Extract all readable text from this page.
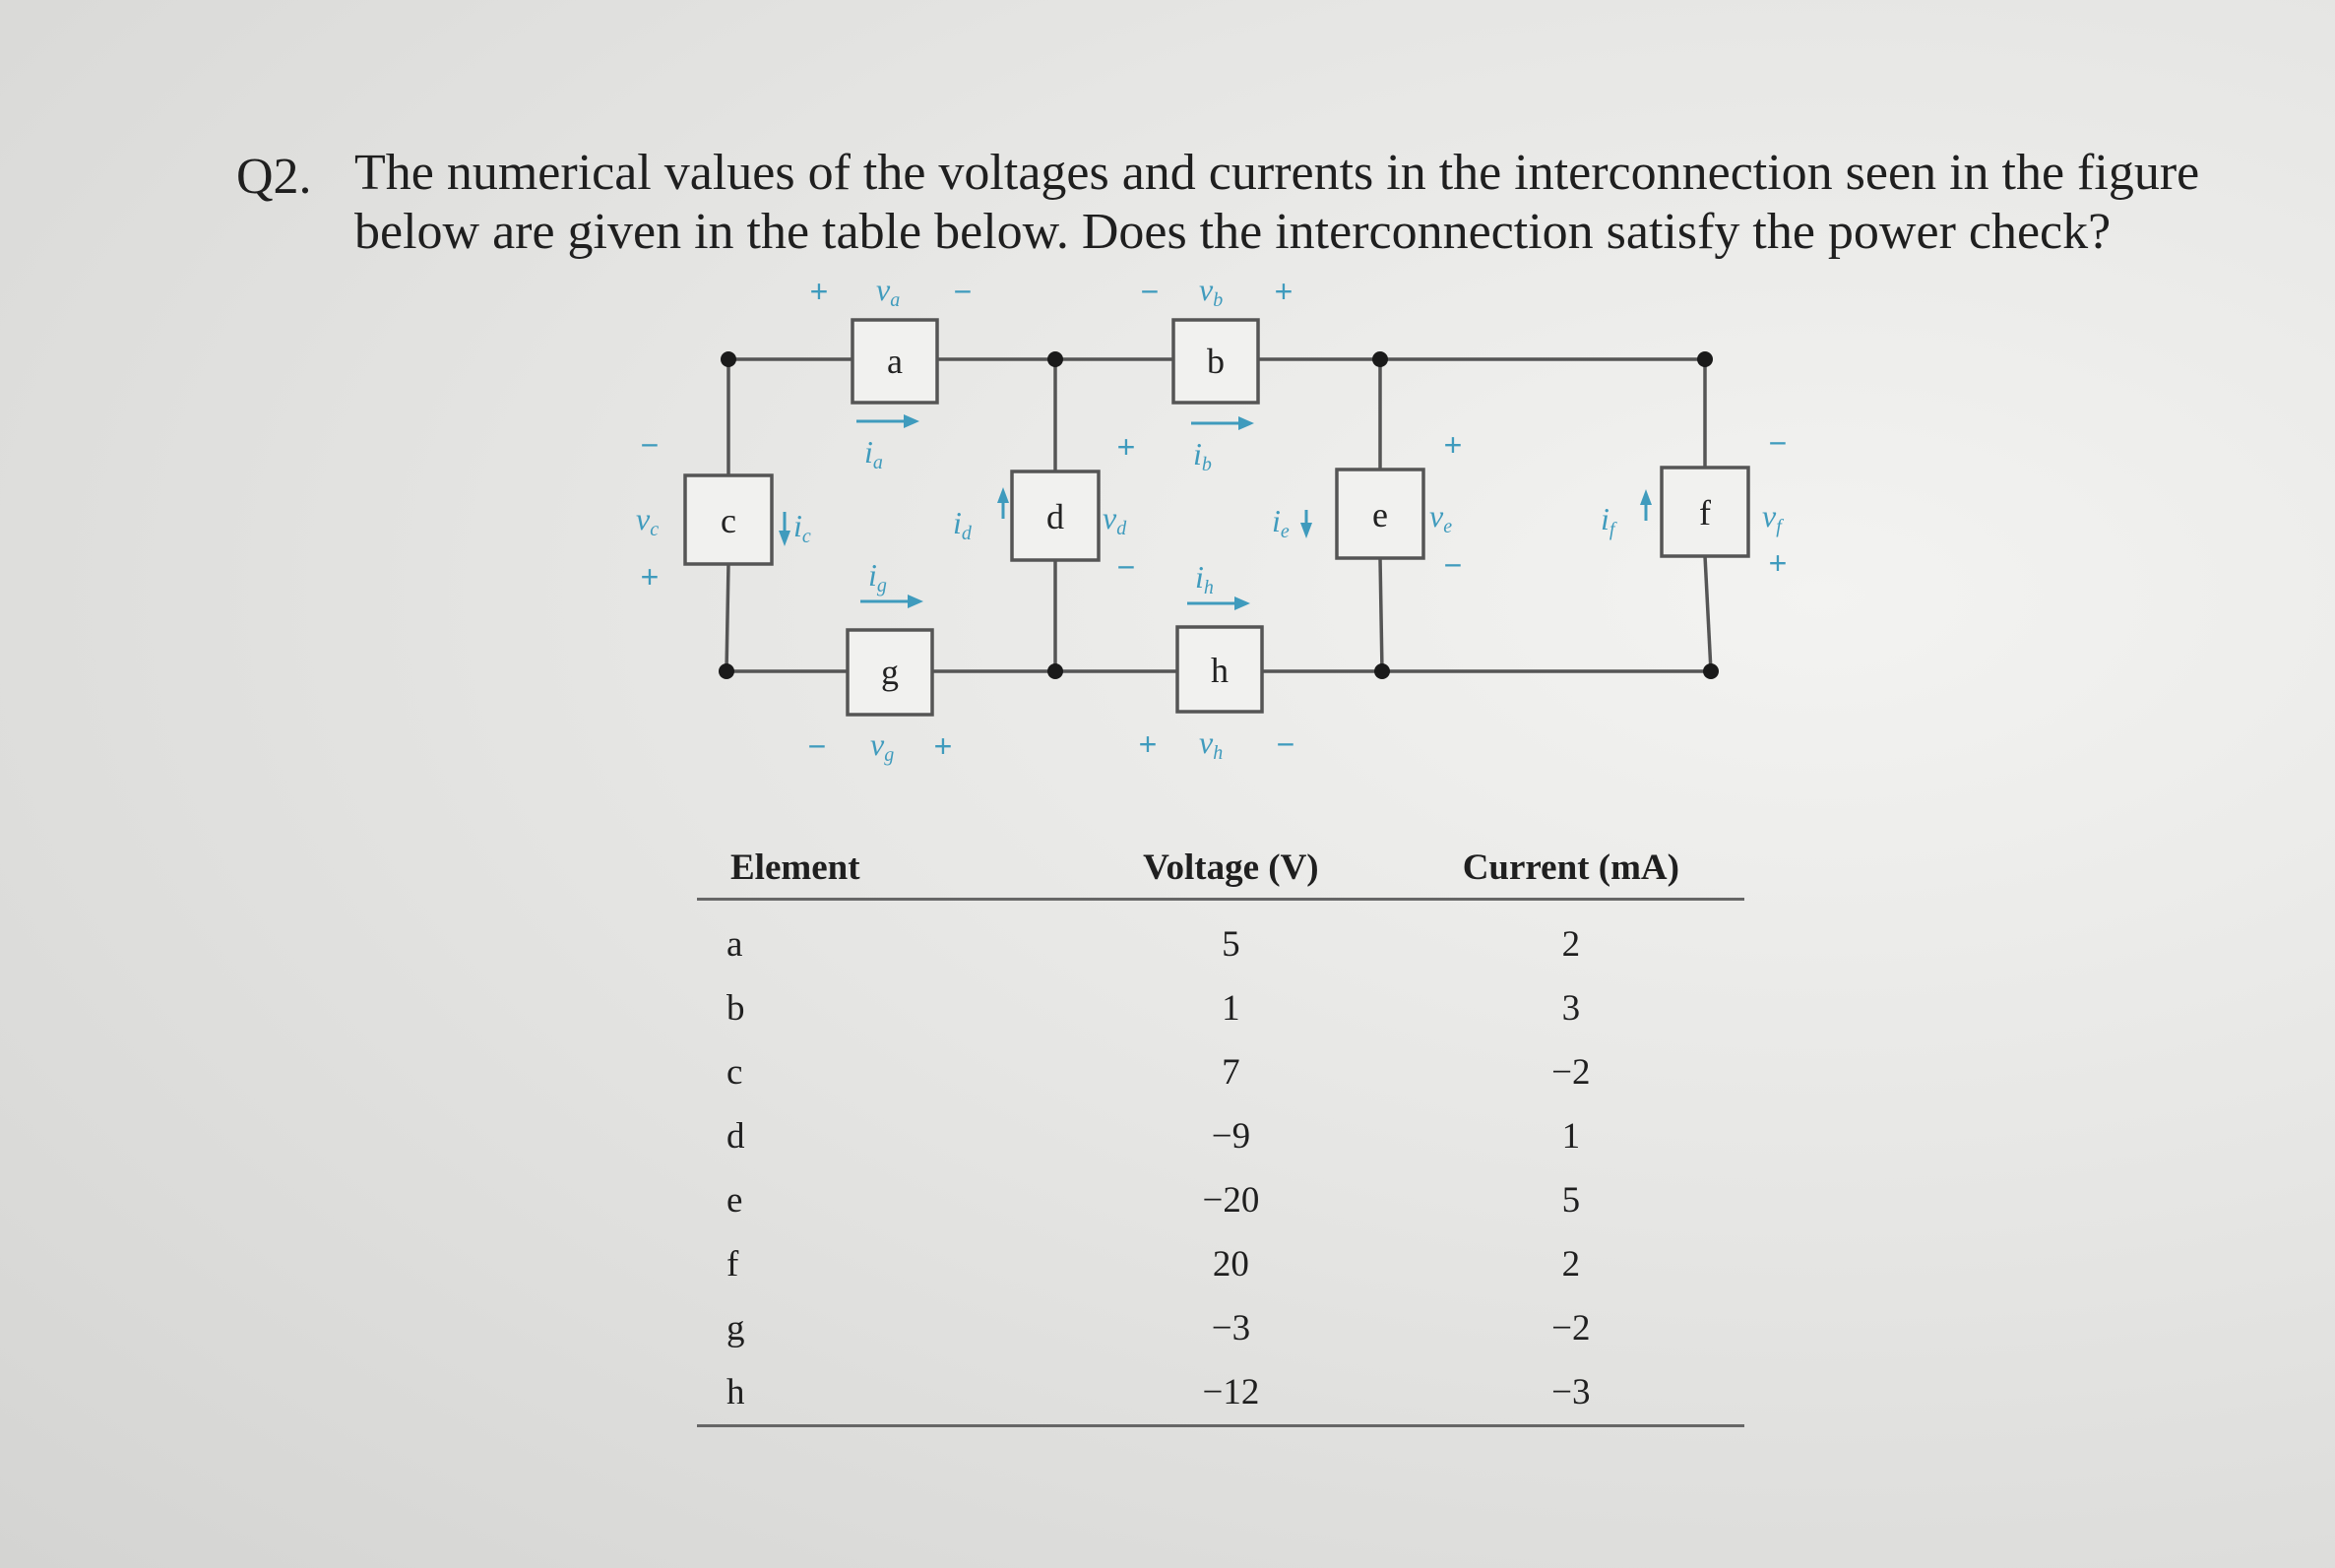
Q2. The numerical values of the voltages and currents in the interconnection seen in the figure
below are given in the table below. Does the interconnection satisfy the power check?
a	b
c	d	e	f
g	h
ia	ib
ic	id	ie	if
ig	ih
va	vb
vc	vd	ve	vf
vg	vh
+	−	−	+
−
+
+
−
+
−
−
+
−	+	+	−
Element	Voltage (V)	Current (mA)
a	5	2
b	1	3
c	7	−2
d	−9	1
e	−20	5
f	20	2
g	−3	−2
h	−12	−3
